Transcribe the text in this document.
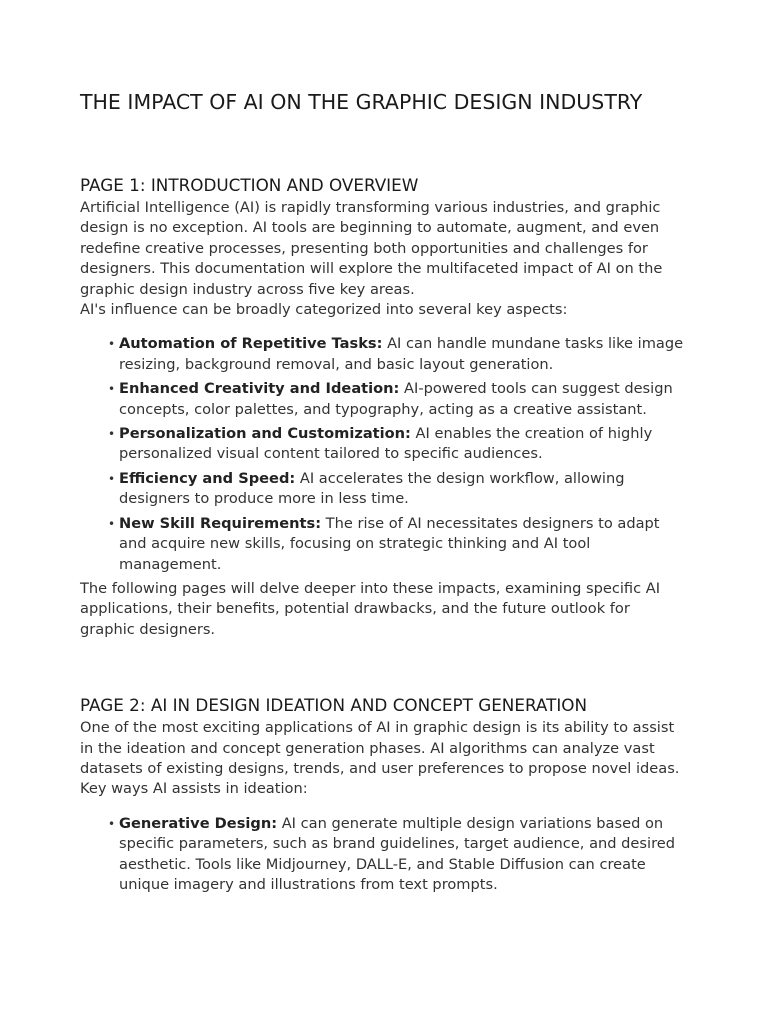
THE IMPACT OF AI ON THE GRAPHIC DESIGN INDUSTRY
PAGE 1: INTRODUCTION AND OVERVIEW

Artificial Intelligence (AI) is rapidly transforming various industries, and graphic design is no exception. AI tools are beginning to automate, augment, and even redefine creative processes, presenting both opportunities and challenges for designers. This documentation will explore the multifaceted impact of AI on the graphic design industry across five key areas.

AI's influence can be broadly categorized into several key aspects:

• Automation of Repetitive Tasks: AI can handle mundane tasks like image resizing, background removal, and basic layout generation.
• Enhanced Creativity and Ideation: AI-powered tools can suggest design concepts, color palettes, and typography, acting as a creative assistant.
• Personalization and Customization: AI enables the creation of highly personalized visual content tailored to specific audiences.
• Efficiency and Speed: AI accelerates the design workflow, allowing designers to produce more in less time.
• New Skill Requirements: The rise of AI necessitates designers to adapt and acquire new skills, focusing on strategic thinking and AI tool management.

The following pages will delve deeper into these impacts, examining specific AI applications, their benefits, potential drawbacks, and the future outlook for graphic designers.

PAGE 2: AI IN DESIGN IDEATION AND CONCEPT GENERATION

One of the most exciting applications of AI in graphic design is its ability to assist in the ideation and concept generation phases. AI algorithms can analyze vast datasets of existing designs, trends, and user preferences to propose novel ideas.

Key ways AI assists in ideation:

• Generative Design: AI can generate multiple design variations based on specific parameters, such as brand guidelines, target audience, and desired aesthetic. Tools like Midjourney, DALL-E, and Stable Diffusion can create unique imagery and illustrations from text prompts.
